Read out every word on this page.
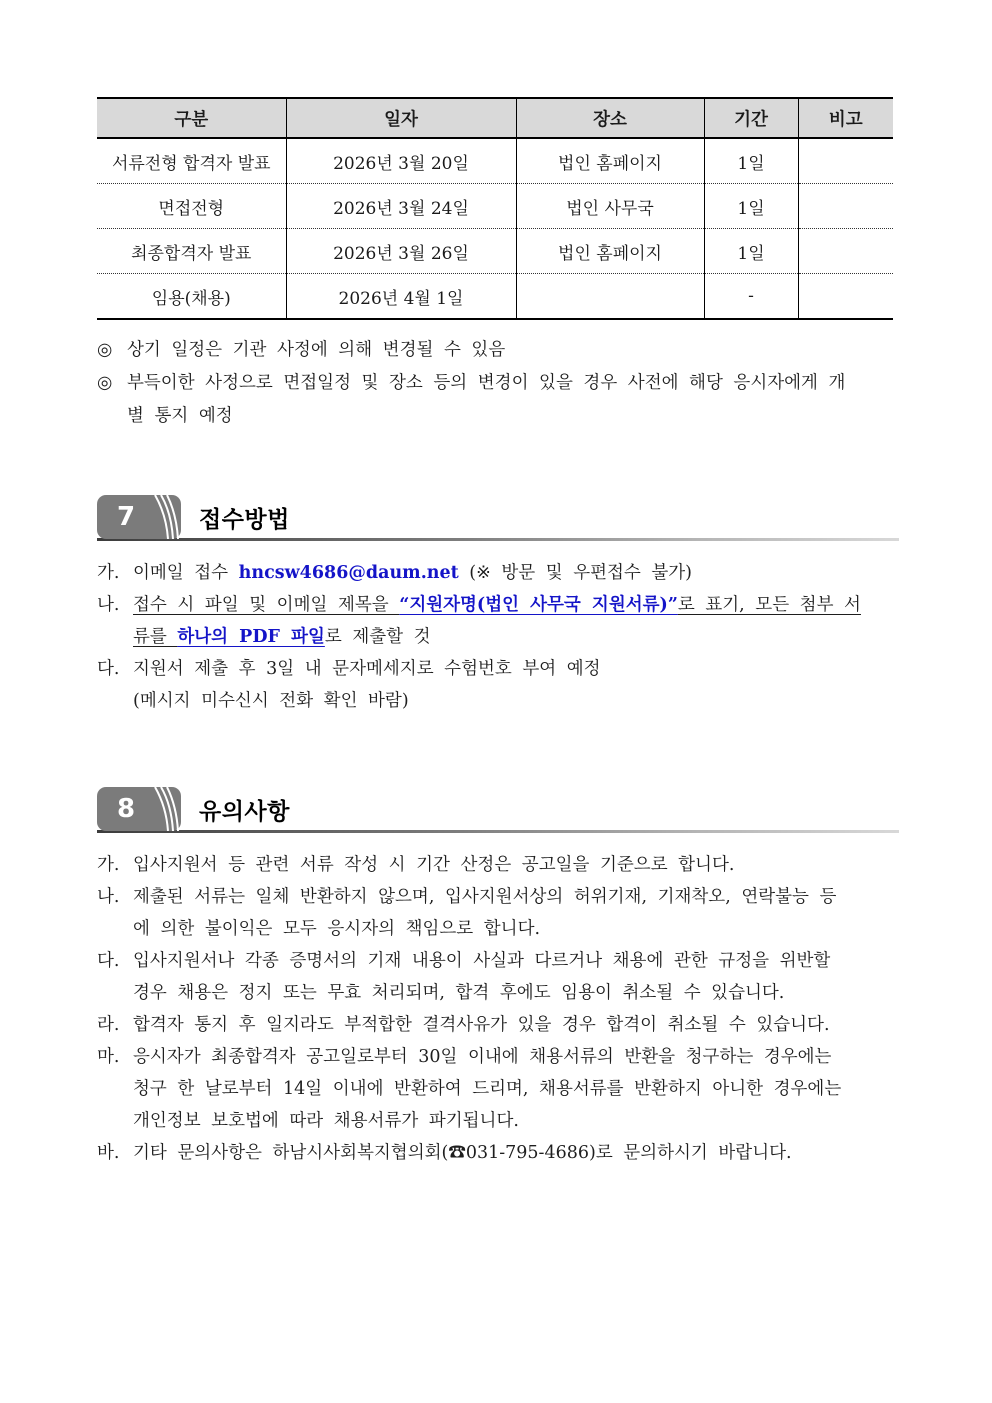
구분	일자	장소	기간	비고
서류전형 합격자 발표	2026년 3월 20일	법인 홈페이지	1일	
면접전형	2026년 3월 24일	법인 사무국	1일	
최종합격자 발표	2026년 3월 26일	법인 홈페이지	1일	
임용(채용)	2026년 4월 1일		-	
◎ 상기 일정은 기관 사정에 의해 변경될 수 있음
◎ 부득이한 사정으로 면접일정 및 장소 등의 변경이 있을 경우 사전에 해당 응시자에게 개
별 통지 예정
7	접수방법
가. 이메일 접수 hncsw4686@daum.net (※ 방문 및 우편접수 불가)
나. 접수 시 파일 및 이메일 제목을 “지원자명(법인 사무국 지원서류)”로 표기, 모든 첨부 서
류를 하나의 PDF 파일로 제출할 것
다. 지원서 제출 후 3일 내 문자메세지로 수험번호 부여 예정
(메시지 미수신시 전화 확인 바람)
8	유의사항
가. 입사지원서 등 관련 서류 작성 시 기간 산정은 공고일을 기준으로 합니다.
나. 제출된 서류는 일체 반환하지 않으며, 입사지원서상의 허위기재, 기재착오, 연락불능 등
에 의한 불이익은 모두 응시자의 책임으로 합니다.
다. 입사지원서나 각종 증명서의 기재 내용이 사실과 다르거나 채용에 관한 규정을 위반할
경우 채용은 정지 또는 무효 처리되며, 합격 후에도 임용이 취소될 수 있습니다.
라. 합격자 통지 후 일지라도 부적합한 결격사유가 있을 경우 합격이 취소될 수 있습니다.
마. 응시자가 최종합격자 공고일로부터 30일 이내에 채용서류의 반환을 청구하는 경우에는
청구 한 날로부터 14일 이내에 반환하여 드리며, 채용서류를 반환하지 아니한 경우에는
개인정보 보호법에 따라 채용서류가 파기됩니다.
바. 기타 문의사항은 하남시사회복지협의회(☎031-795-4686)로 문의하시기 바랍니다.
